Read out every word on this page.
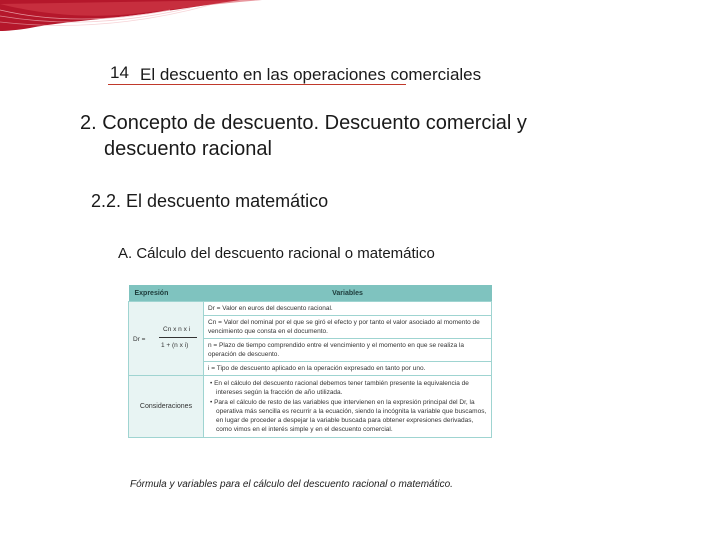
14 El descuento en las operaciones comerciales
2. Concepto de descuento. Descuento comercial y
descuento racional
2.2. El descuento matemático
A. Cálculo del descuento racional o matemático
Expresión	Variables

Dr =
Cn x n x i
1 + (n x i)	Dr = Valor en euros del descuento racional.
	Cn = Valor del nominal por el que se giró el efecto y por tanto el valor asociado al momento de vencimiento que consta en el documento.
	n = Plazo de tiempo comprendido entre el vencimiento y el momento en que se realiza la operación de descuento.
	i = Tipo de descuento aplicado en la operación expresado en tanto por uno.
Consideraciones	• En el cálculo del descuento racional debemos tener también presente la equivalencia de intereses según la fracción de año utilizada.
• Para el cálculo de resto de las variables que intervienen en la expresión principal del Dr, la operativa más sencilla es recurrir a la ecuación, siendo la incógnita la variable que buscamos, en lugar de proceder a despejar la variable buscada para obtener expresiones derivadas, como vimos en el interés simple y en el descuento comercial.
Fórmula y variables para el cálculo del descuento racional o matemático.
